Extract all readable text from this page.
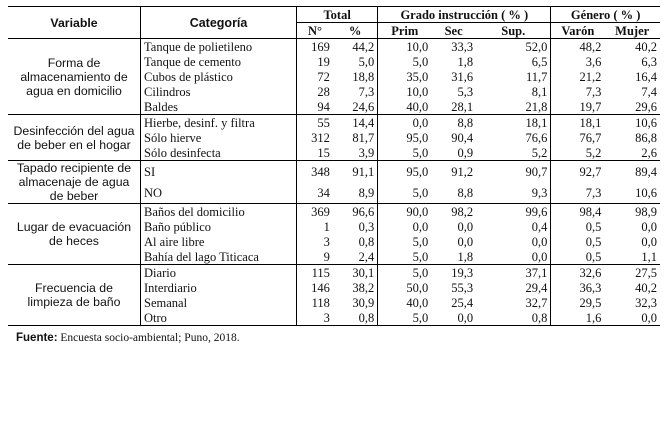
Variable	Categoría	Total		Grado instrucción ( % )			Género ( % )	
		N°	%	Prim	Sec	Sup.	Varón	Mujer
Forma de almacenamiento de agua en domicilio	Tanque de polietileno	169	44,2	10,0	33,3	52,0	48,2	40,2
	Tanque de cemento	19	5,0	5,0	1,8	6,5	3,6	6,3
	Cubos de plástico	72	18,8	35,0	31,6	11,7	21,2	16,4
	Cilindros	28	7,3	10,0	5,3	8,1	7,3	7,4
	Baldes	94	24,6	40,0	28,1	21,8	19,7	29,6
Desinfección del agua de beber en el hogar	Hierbe, desinf. y filtra	55	14,4	0,0	8,8	18,1	18,1	10,6
	Sólo hierve	312	81,7	95,0	90,4	76,6	76,7	86,8
	Sólo desinfecta	15	3,9	5,0	0,9	5,2	5,2	2,6
Tapado recipiente de almacenaje de agua de beber	SI	348	91,1	95,0	91,2	90,7	92,7	89,4
	NO	34	8,9	5,0	8,8	9,3	7,3	10,6
Lugar de evacuación de heces	Baños del domicilio	369	96,6	90,0	98,2	99,6	98,4	98,9
	Baño público	1	0,3	0,0	0,0	0,4	0,5	0,0
	Al aire libre	3	0,8	5,0	0,0	0,0	0,5	0,0
	Bahía del lago Titicaca	9	2,4	5,0	1,8	0,0	0,5	1,1
Frecuencia de limpieza de baño	Diario	115	30,1	5,0	19,3	37,1	32,6	27,5
	Interdiario	146	38,2	50,0	55,3	29,4	36,3	40,2
	Semanal	118	30,9	40,0	25,4	32,7	29,5	32,3
	Otro	3	0,8	5,0	0,0	0,8	1,6	0,0
Fuente: Encuesta socio-ambiental; Puno, 2018.
